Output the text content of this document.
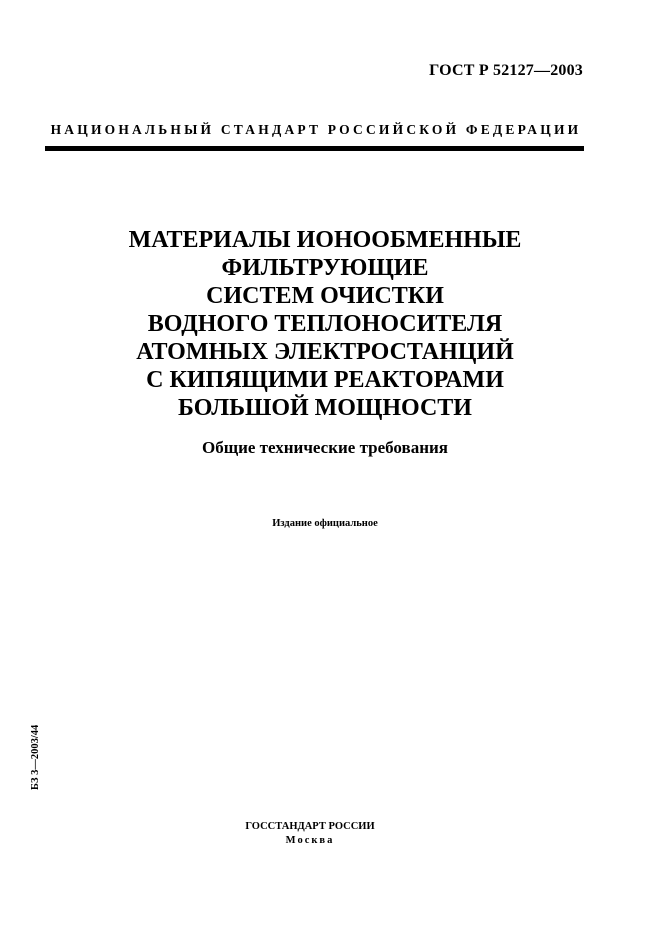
ГОСТ Р 52127—2003
НАЦИОНАЛЬНЫЙ СТАНДАРТ РОССИЙСКОЙ ФЕДЕРАЦИИ
МАТЕРИАЛЫ ИОНООБМЕННЫЕ
ФИЛЬТРУЮЩИЕ
СИСТЕМ ОЧИСТКИ
ВОДНОГО ТЕПЛОНОСИТЕЛЯ
АТОМНЫХ ЭЛЕКТРОСТАНЦИЙ
С КИПЯЩИМИ РЕАКТОРАМИ
БОЛЬШОЙ МОЩНОСТИ
Общие технические требования
Издание официальное
БЗ 3—2003/44
ГОССТАНДАРТ РОССИИ
Москва
